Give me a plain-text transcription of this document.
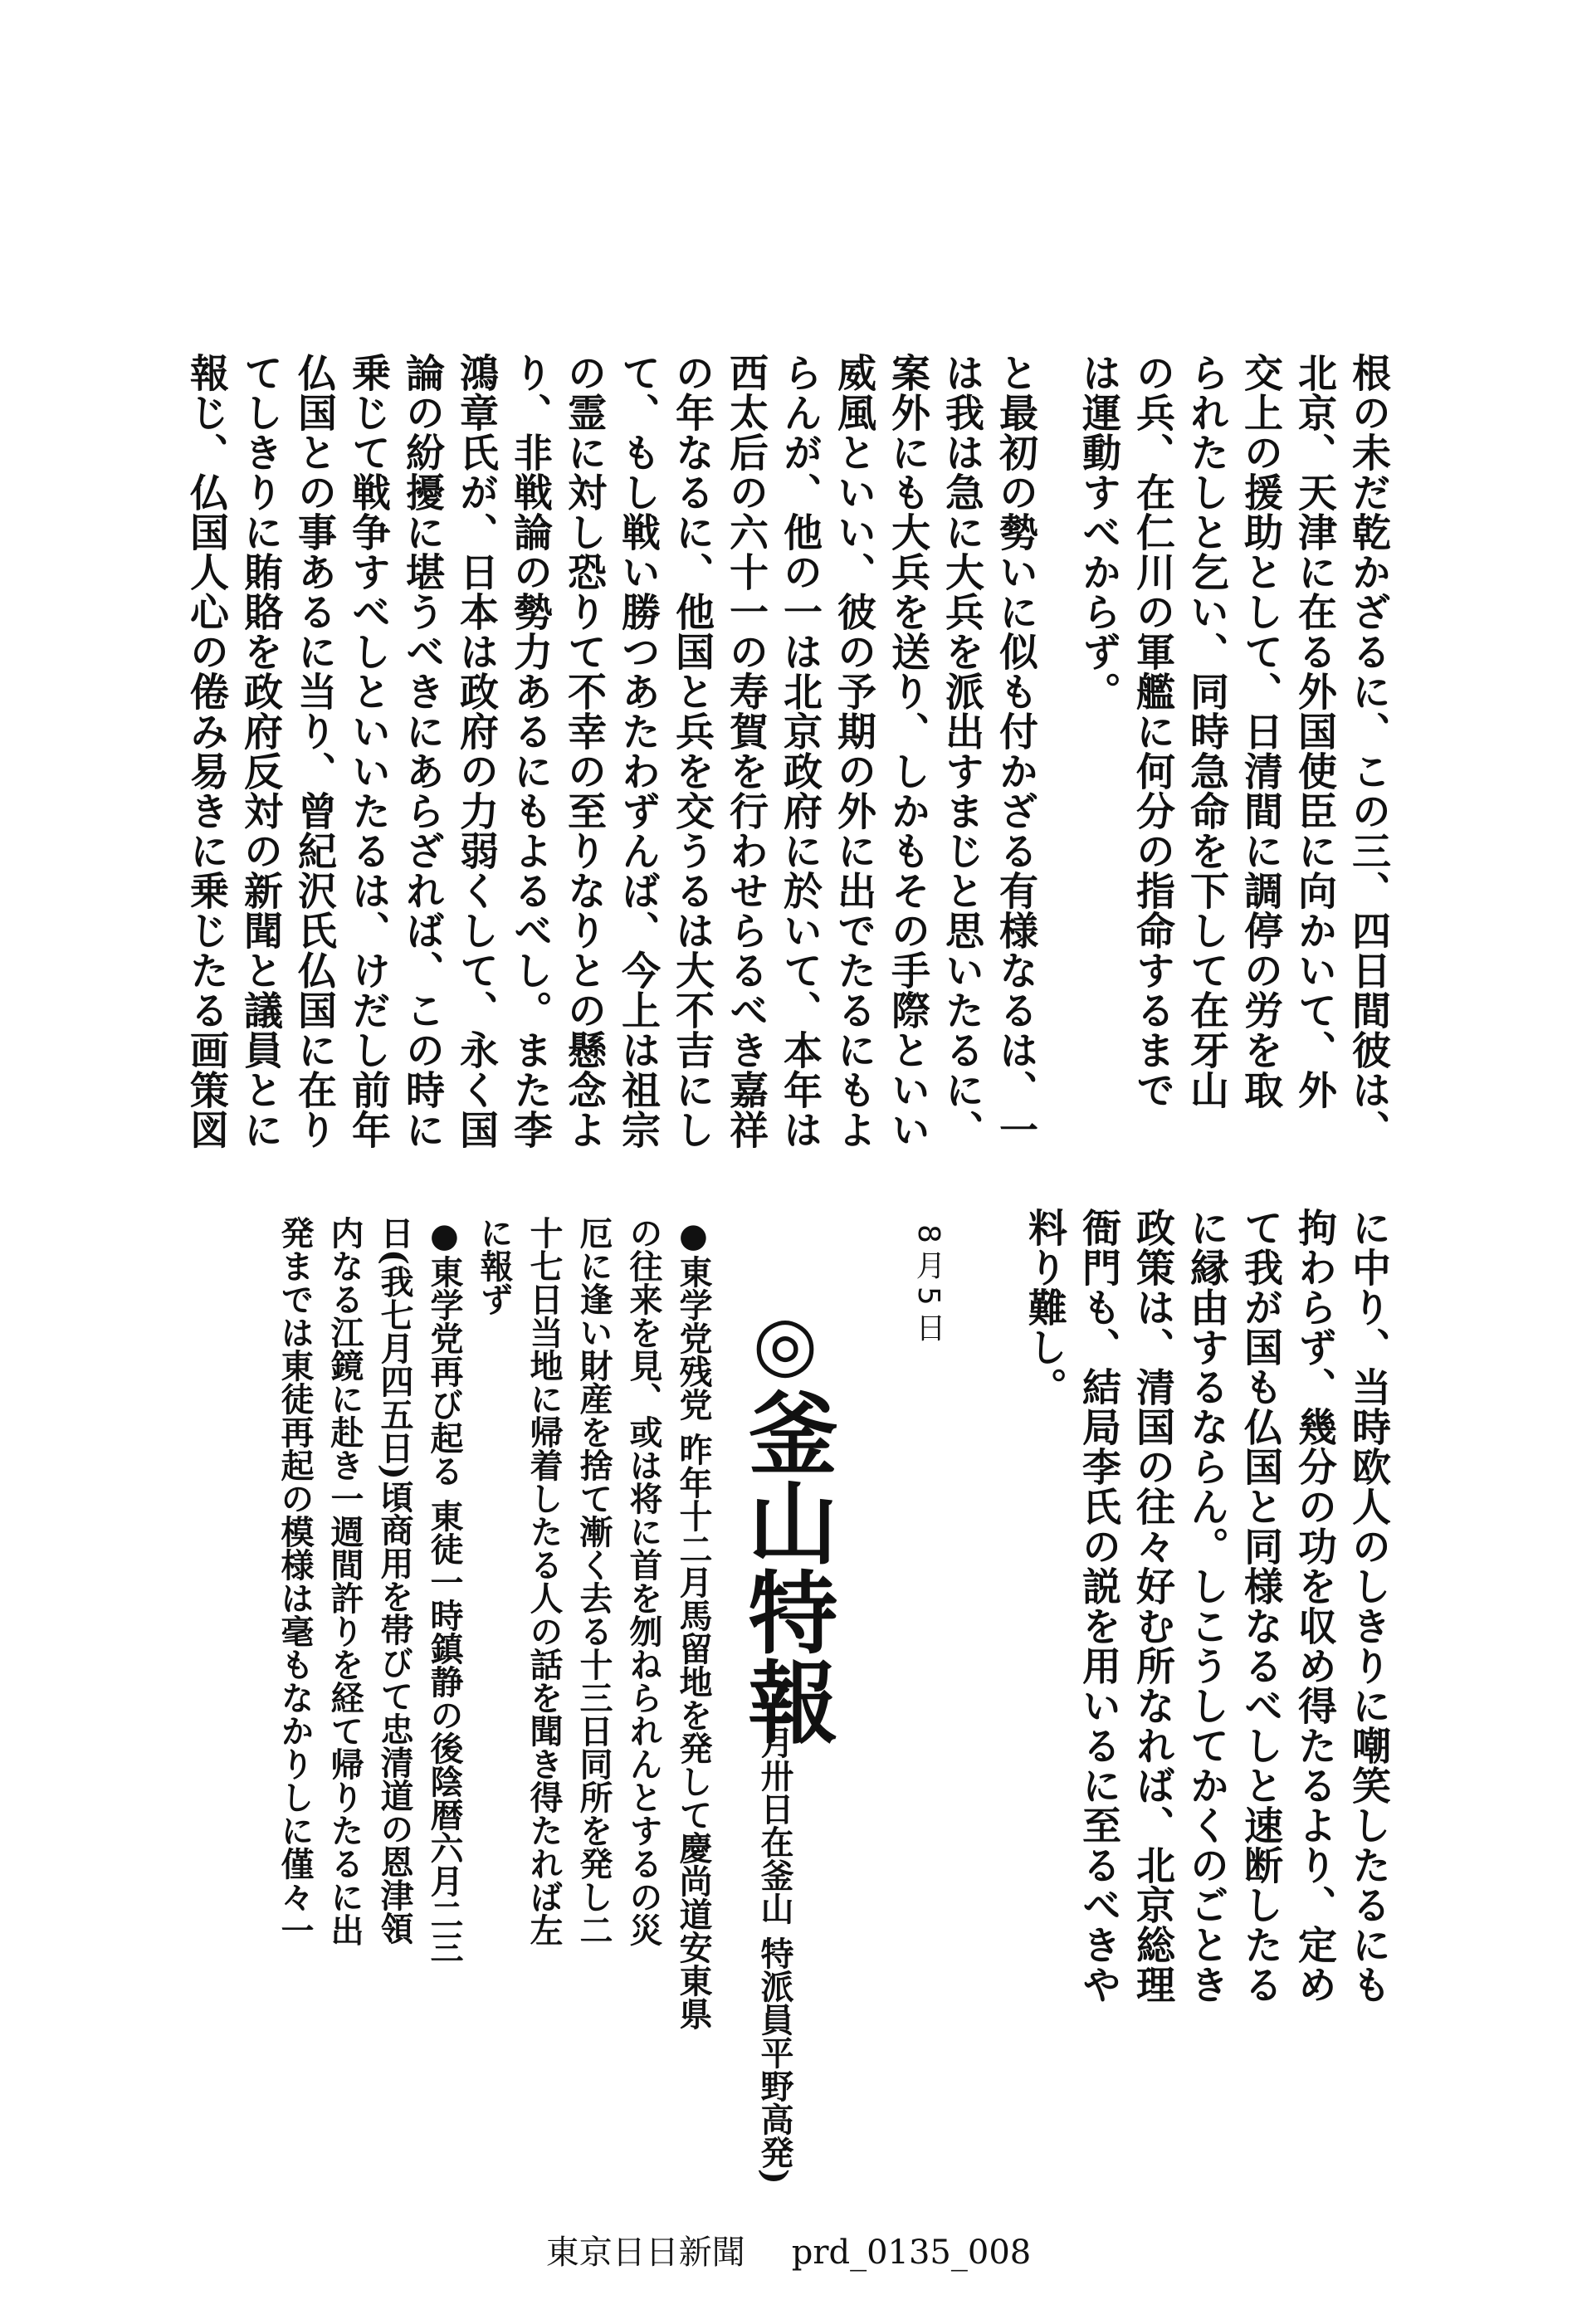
根の未だ乾かざるに、この三、四日間彼は、
北京、天津に在る外国使臣に向かいて、外
交上の援助として、日清間に調停の労を取
られたしと乞い、同時急命を下して在牙山
の兵、在仁川の軍艦に何分の指命するまで
は運動すべからず。
と最初の勢いに似も付かざる有様なるは、一
は我は急に大兵を派出すまじと思いたるに、
案外にも大兵を送り、しかもその手際といい
威風といい、彼の予期の外に出でたるにもよ
らんが、他の一は北京政府に於いて、本年は
西太后の六十一の寿賀を行わせらるべき嘉祥
の年なるに、他国と兵を交うるは大不吉にし
て、もし戦い勝つあたわずんば、今上は祖宗
の霊に対し恐りて不幸の至りなりとの懸念よ
り、非戦論の勢力あるにもよるべし。また李
鴻章氏が、日本は政府の力弱くして、永く国
論の紛擾に堪うべきにあらざれば、この時に
乗じて戦争すべしといいたるは、けだし前年
仏国との事あるに当り、曾紀沢氏仏国に在り
てしきりに賄賂を政府反対の新聞と議員とに
報じ、仏国人心の倦み易きに乗じたる画策図
に中り、当時欧人のしきりに嘲笑したるにも
拘わらず、幾分の功を収め得たるより、定め
て我が国も仏国と同様なるべしと速断したる
に縁由するならん。しこうしてかくのごとき
政策は、清国の往々好む所なれば、北京総理
衙門も、結局李氏の説を用いるに至るべきや
料り難し。
8月5日
◎釜山特報
(七月卅日在釜山 特派員平野高発)
●東学党残党 昨年十二月馬留地を発して慶尚道安東県
の往来を見、或は将に首を刎ねられんとするの災
厄に逢い財産を捨て漸く去る十三日同所を発し二
十七日当地に帰着したる人の話を聞き得たれば左
に報ず
●東学党再び起る 東徒一時鎮静の後陰暦六月二三
日(我七月四五日)頃商用を帯びて忠清道の恩津領
内なる江鏡に赴き一週間許りを経て帰りたるに出
発までは東徒再起の模様は毫もなかりしに僅々一
東京日日新聞 prd_0135_008
